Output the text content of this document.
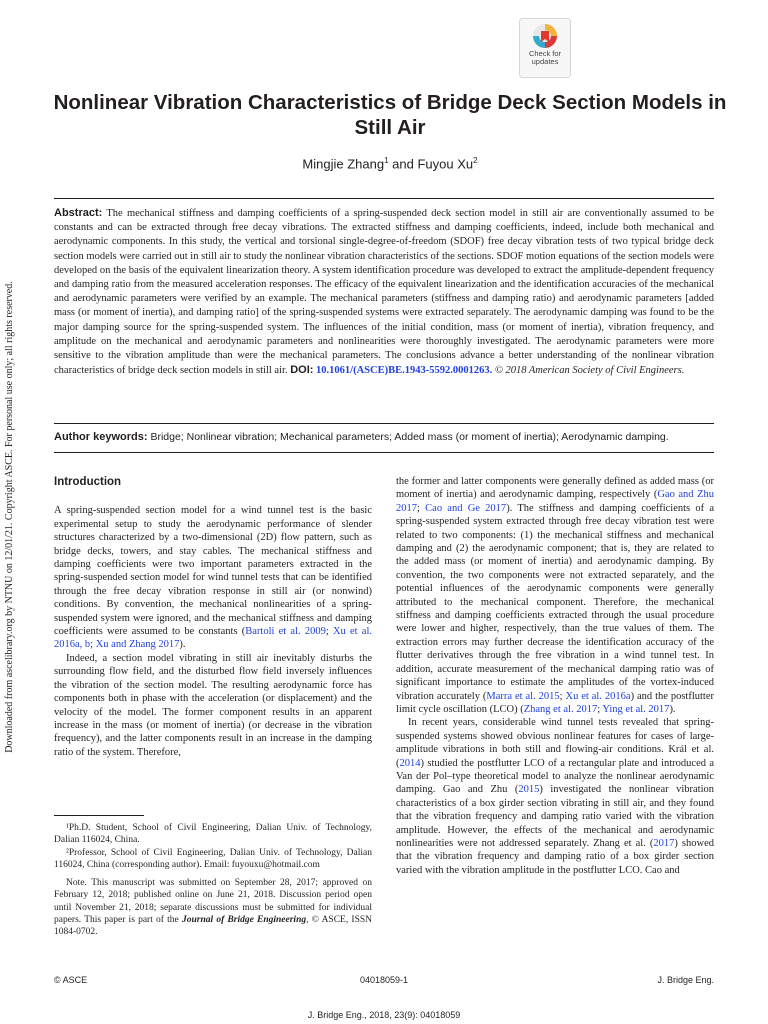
Downloaded from ascelibrary.org by NTNU on 12/01/21. Copyright ASCE. For personal use only; all rights reserved.
Check for
updates
Nonlinear Vibration Characteristics of Bridge Deck Section Models in Still Air
Mingjie Zhang$^1$ and Fuyou Xu$^2$
Abstract: The mechanical stiffness and damping coefficients of a spring-suspended deck section model in still air are conventionally assumed to be constants and can be extracted through free decay vibrations. The extracted stiffness and damping coefficients, indeed, include both mechanical and aerodynamic components. In this study, the vertical and torsional single-degree-of-freedom (SDOF) free decay vibration tests of two typical bridge deck section models were carried out in still air to study the nonlinear vibration characteristics of the sections. SDOF motion equations of the section models were developed on the basis of the equivalent linearization theory. A system identification procedure was developed to extract the amplitude-dependent frequency and damping ratio from the measured acceleration responses. The efficacy of the equivalent linearization and the identification accuracies of the mechanical and aerodynamic parameters were verified by an example. The mechanical parameters (stiffness and damping ratio) and aerodynamic parameters [added mass (or moment of inertia), and damping ratio] of the spring-suspended systems were extracted separately. The aerodynamic damping was found to be the major damping source for the spring-suspended system. The influences of the initial condition, mass (or moment of inertia), vibration frequency, and amplitude on the mechanical and aerodynamic parameters and nonlinearities were thoroughly investigated. The aerodynamic parameters were more sensitive to the vibration amplitude than were the mechanical parameters. The conclusions advance a better understanding of the nonlinear vibration characteristics of bridge deck section models in still air. DOI: 10.1061/(ASCE)BE.1943-5592.0001263. © 2018 American Society of Civil Engineers.
Author keywords: Bridge; Nonlinear vibration; Mechanical parameters; Added mass (or moment of inertia); Aerodynamic damping.
Introduction

A spring-suspended section model for a wind tunnel test is the basic experimental setup to study the aerodynamic performance of slender structures characterized by a two-dimensional (2D) flow pattern, such as bridge decks, towers, and stay cables. The mechanical stiffness and damping coefficients were two important parameters extracted in the spring-suspended section model for wind tunnel tests that can be identified through the free decay vibration response in still air (or nonwind) conditions. By convention, the mechanical nonlinearities of a spring-suspended system were ignored, and the mechanical stiffness and damping coefficients were assumed to be constants (Bartoli et al. 2009; Xu et al. 2016a, b; Xu and Zhang 2017).

Indeed, a section model vibrating in still air inevitably disturbs the surrounding flow field, and the disturbed flow field inversely influences the vibration of the section model. The resulting aerodynamic force has components both in phase with the acceleration (or displacement) and the velocity of the model. The former component results in an apparent increase in the mass (or moment of inertia) (or decrease in the vibration frequency), and the latter components result in an increase in the damping ratio of the system. Therefore,

the former and latter components were generally defined as added mass (or moment of inertia) and aerodynamic damping, respectively (Gao and Zhu 2017; Cao and Ge 2017). The stiffness and damping coefficients of a spring-suspended system extracted through free decay vibration test were related to two components: (1) the mechanical stiffness and mechanical damping and (2) the aerodynamic component; that is, they are related to the added mass (or moment of inertia) and aerodynamic damping. By convention, the two components were not extracted separately, and the potential influences of the aerodynamic components were generally attributed to the mechanical component. Therefore, the mechanical stiffness and damping coefficients extracted through the usual procedure were lower and higher, respectively, than the true values of them. The extraction errors may further decrease the identification accuracy of the flutter derivatives through the free vibration in a wind tunnel test. In addition, accurate measurement of the mechanical damping ratio was of significant importance to estimate the amplitudes of the vortex-induced vibration accurately (Marra et al. 2015; Xu et al. 2016a) and the postflutter limit cycle oscillation (LCO) (Zhang et al. 2017; Ying et al. 2017).

In recent years, considerable wind tunnel tests revealed that spring-suspended systems showed obvious nonlinear features for cases of large-amplitude vibrations in both still and flowing-air conditions. Král et al. (2014) studied the postflutter LCO of a rectangular plate and introduced a Van der Pol–type theoretical model to analyze the nonlinear aerodynamic damping. Gao and Zhu (2015) investigated the nonlinear vibration characteristics of a box girder section vibrating in still air, and they found that the vibration frequency and damping ratio varied with the vibration amplitude. However, the effects of the mechanical and aerodynamic nonlinearities were not addressed separately. Zhang et al. (2017) showed that the vibration frequency and damping ratio of a box girder section varied with the vibration amplitude in the postflutter LCO. Cao and

¹Ph.D. Student, School of Civil Engineering, Dalian Univ. of Technology, Dalian 116024, China.

²Professor, School of Civil Engineering, Dalian Univ. of Technology, Dalian 116024, China (corresponding author). Email: fuyouxu@hotmail.com

Note. This manuscript was submitted on September 28, 2017; approved on February 12, 2018; published online on June 21, 2018. Discussion period open until November 21, 2018; separate discussions must be submitted for individual papers. This paper is part of the Journal of Bridge Engineering, © ASCE, ISSN 1084-0702.

04018059-1
© ASCE	J. Bridge Eng.
J. Bridge Eng., 2018, 23(9): 04018059
